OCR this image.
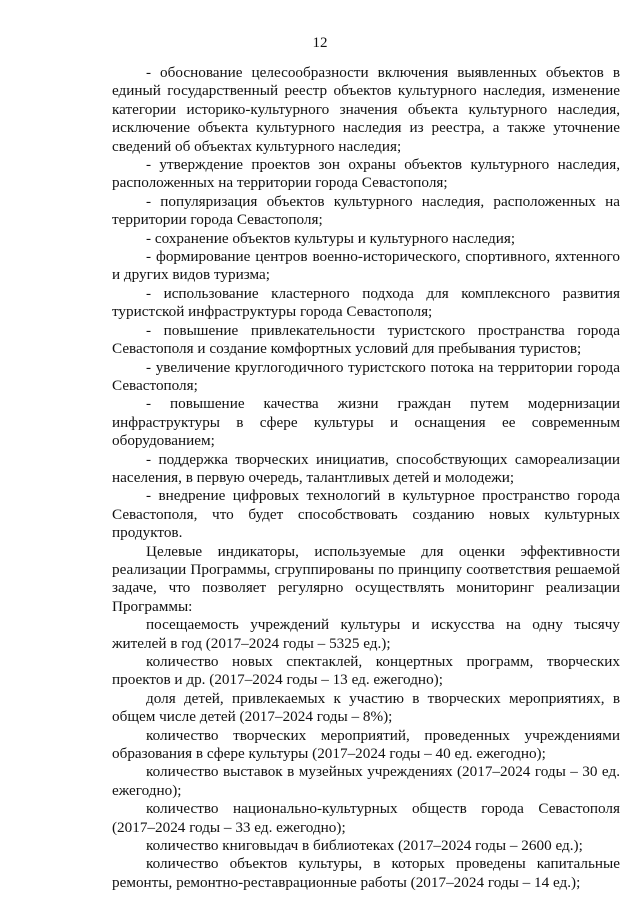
12

- обоснование целесообразности включения выявленных объектов в единый государственный реестр объектов культурного наследия, изменение категории историко-культурного значения объекта культурного наследия, исключение объекта культурного наследия из реестра, а также уточнение сведений об объектах культурного наследия;

- утверждение проектов зон охраны объектов культурного наследия, расположенных на территории города Севастополя;

- популяризация объектов культурного наследия, расположенных на территории города Севастополя;

- сохранение объектов культуры и культурного наследия;

- формирование центров военно-исторического, спортивного, яхтенного и других видов туризма;

- использование кластерного подхода для комплексного развития туристской инфраструктуры города Севастополя;

- повышение привлекательности туристского пространства города Севастополя и создание комфортных условий для пребывания туристов;

- увеличение круглогодичного туристского потока на территории города Севастополя;

- повышение качества жизни граждан путем модернизации инфраструктуры в сфере культуры и оснащения ее современным оборудованием;

- поддержка творческих инициатив, способствующих самореализации населения, в первую очередь, талантливых детей и молодежи;

- внедрение цифровых технологий в культурное пространство города Севастополя, что будет способствовать созданию новых культурных продуктов.

Целевые индикаторы, используемые для оценки эффективности реализации Программы, сгруппированы по принципу соответствия решаемой задаче, что позволяет регулярно осуществлять мониторинг реализации Программы:

посещаемость учреждений культуры и искусства на одну тысячу жителей в год (2017–2024 годы – 5325 ед.);

количество новых спектаклей, концертных программ, творческих проектов и др. (2017–2024 годы – 13 ед. ежегодно);

доля детей, привлекаемых к участию в творческих мероприятиях, в общем числе детей (2017–2024 годы – 8%);

количество творческих мероприятий, проведенных учреждениями образования в сфере культуры (2017–2024 годы – 40 ед. ежегодно);

количество выставок в музейных учреждениях (2017–2024 годы – 30 ед. ежегодно);

количество национально-культурных обществ города Севастополя (2017–2024 годы – 33 ед. ежегодно);

количество книговыдач в библиотеках (2017–2024 годы – 2600 ед.);

количество объектов культуры, в которых проведены капитальные ремонты, ремонтно-реставрационные работы (2017–2024 годы – 14 ед.);
